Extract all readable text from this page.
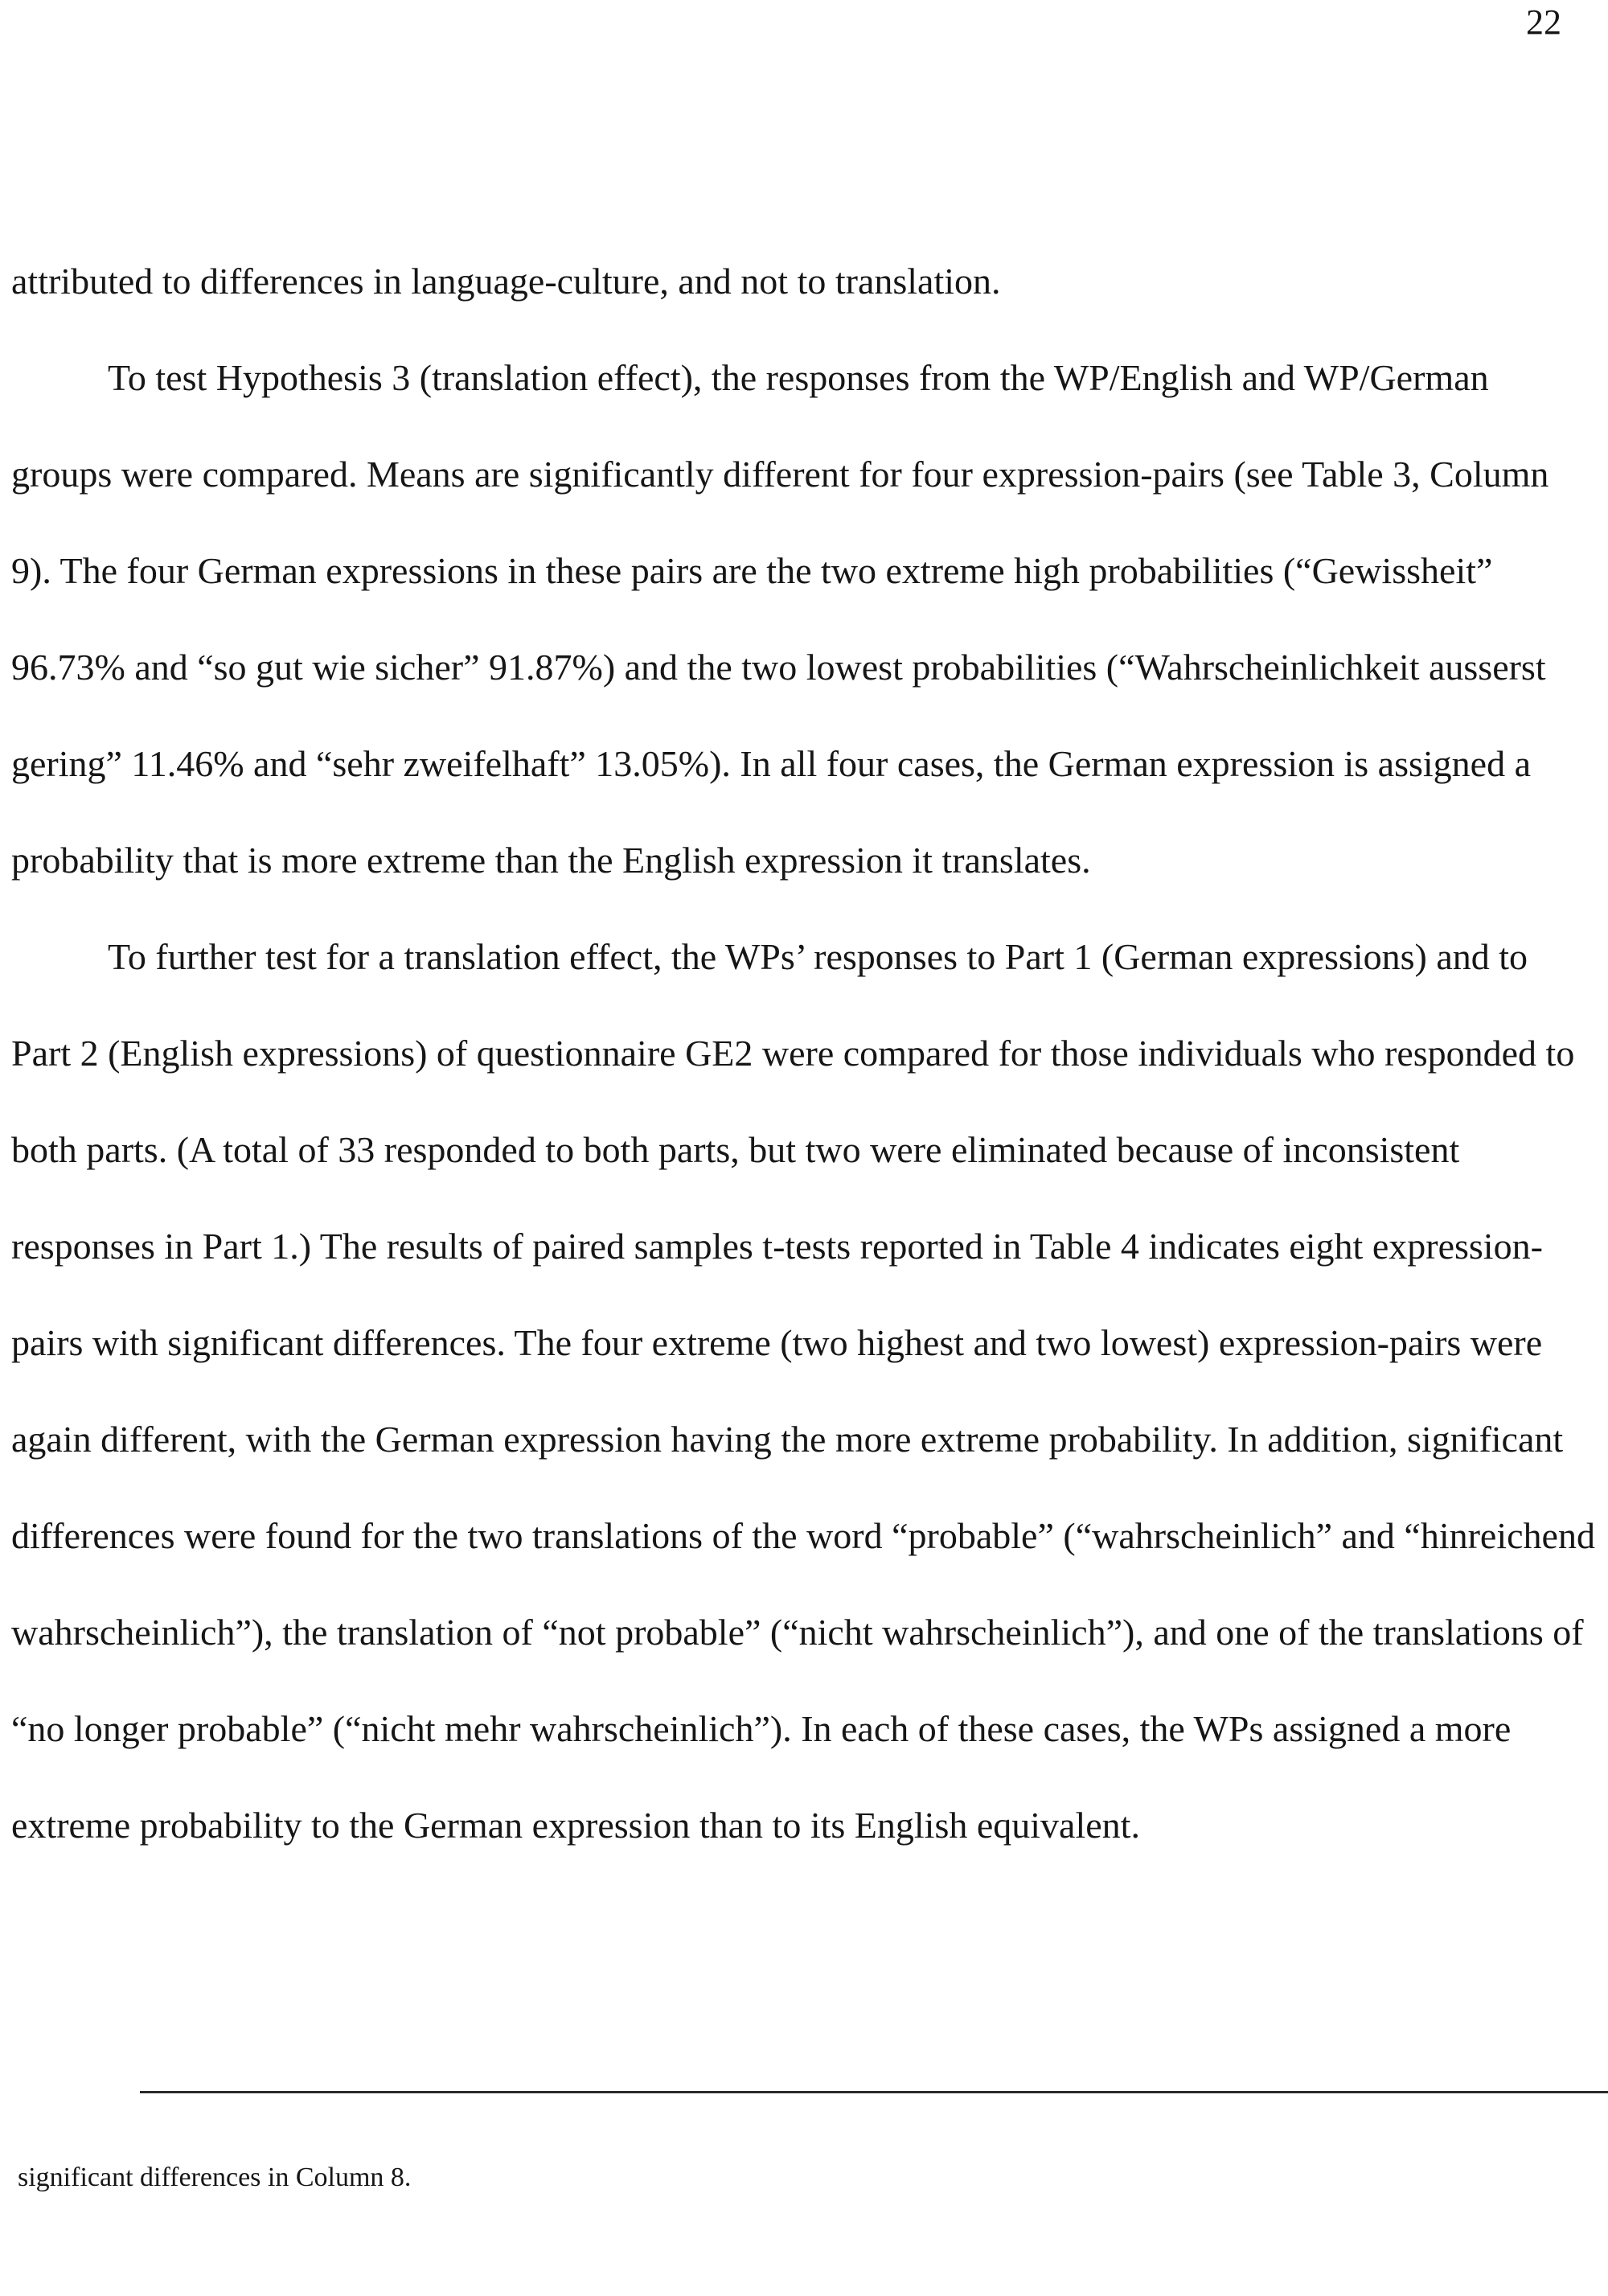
22

attributed to differences in language-culture, and not to translation.

To test Hypothesis 3 (translation effect), the responses from the WP/English and WP/German groups were compared. Means are significantly different for four expression-pairs (see Table 3, Column 9). The four German expressions in these pairs are the two extreme high probabilities (“Gewissheit” 96.73% and “so gut wie sicher” 91.87%) and the two lowest probabilities (“Wahrscheinlichkeit ausserst gering” 11.46% and “sehr zweifelhaft” 13.05%). In all four cases, the German expression is assigned a probability that is more extreme than the English expression it translates.

To further test for a translation effect, the WPs’ responses to Part 1 (German expressions) and to Part 2 (English expressions) of questionnaire GE2 were compared for those individuals who responded to both parts. (A total of 33 responded to both parts, but two were eliminated because of inconsistent responses in Part 1.) The results of paired samples t-tests reported in Table 4 indicates eight expression-pairs with significant differences. The four extreme (two highest and two lowest) expression-pairs were again different, with the German expression having the more extreme probability. In addition, significant differences were found for the two translations of the word “probable” (“wahrscheinlich” and “hinreichend wahrscheinlich”), the translation of “not probable” (“nicht wahrscheinlich”), and one of the translations of “no longer probable” (“nicht mehr wahrscheinlich”). In each of these cases, the WPs assigned a more extreme probability to the German expression than to its English equivalent.

significant differences in Column 8.
